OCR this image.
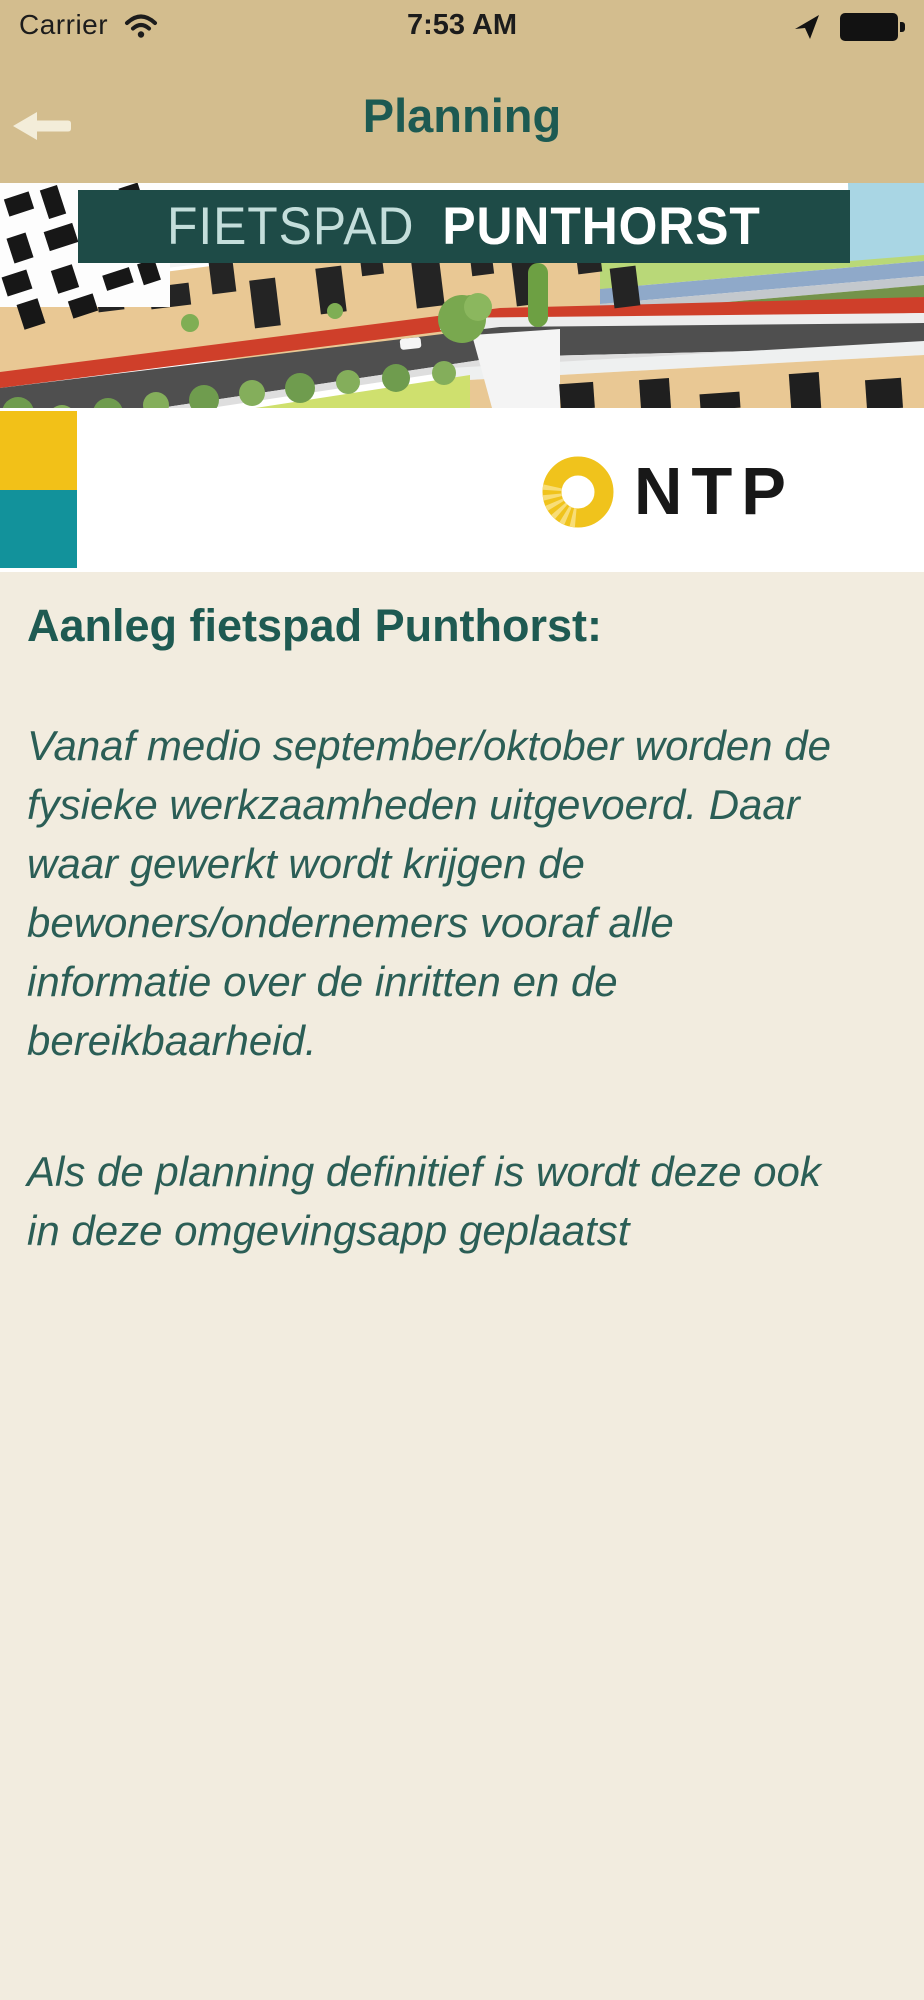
Carrier	7:53 AM
Planning
FIETSPAD PUNTHORST
NTP
Aanleg fietspad Punthorst:
Vanaf medio september/oktober worden de
fysieke werkzaamheden uitgevoerd. Daar
waar gewerkt wordt krijgen de
bewoners/ondernemers vooraf alle
informatie over de inritten en de
bereikbaarheid.
Als de planning definitief is wordt deze ook
in deze omgevingsapp geplaatst
